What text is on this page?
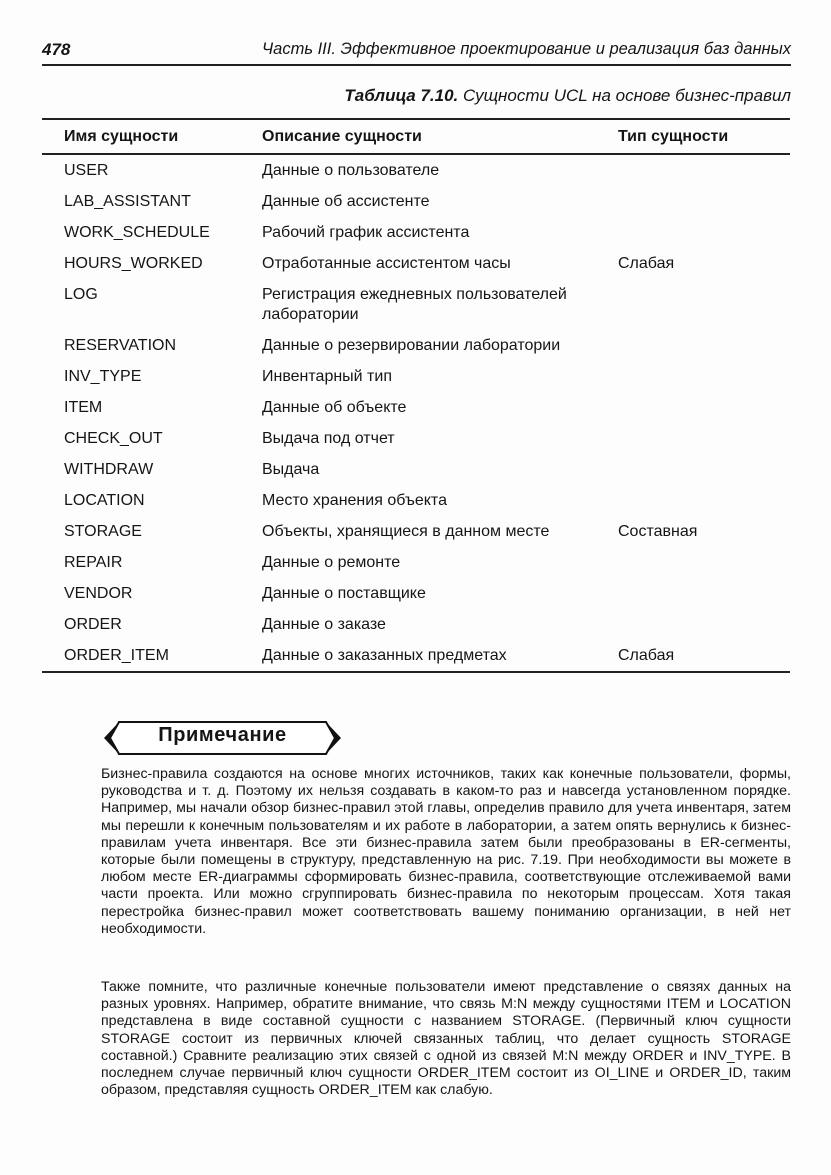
478	Часть III. Эффективное проектирование и реализация баз данных
Таблица 7.10. Сущности UCL на основе бизнес-правил
Имя сущности	Описание сущности	Тип сущности
USER	Данные о пользователе	
LAB_ASSISTANT	Данные об ассистенте	
WORK_SCHEDULE	Рабочий график ассистента	
HOURS_WORKED	Отработанные ассистентом часы	Слабая
LOG	Регистрация ежедневных пользователей лаборатории	
RESERVATION	Данные о резервировании лаборатории	
INV_TYPE	Инвентарный тип	
ITEM	Данные об объекте	
CHECK_OUT	Выдача под отчет	
WITHDRAW	Выдача	
LOCATION	Место хранения объекта	
STORAGE	Объекты, хранящиеся в данном месте	Составная
REPAIR	Данные о ремонте	
VENDOR	Данные о поставщике	
ORDER	Данные о заказе	
ORDER_ITEM	Данные о заказанных предметах	Слабая
Примечание

Бизнес-правила создаются на основе многих источников, таких как конечные пользователи, формы, руководства и т. д. Поэтому их нельзя создавать в каком-то раз и навсегда установленном порядке. Например, мы начали обзор бизнес-правил этой главы, определив правило для учета инвентаря, затем мы перешли к конечным пользователям и их работе в лаборатории, а затем опять вернулись к бизнес-правилам учета инвентаря. Все эти бизнес-правила затем были преобразованы в ER-сегменты, которые были помещены в структуру, представленную на рис. 7.19. При необходимости вы можете в любом месте ER-диаграммы сформировать бизнес-правила, соответствующие отслеживаемой вами части проекта. Или можно сгруппировать бизнес-правила по некоторым процессам. Хотя такая перестройка бизнес-правил может соответствовать вашему пониманию организации, в ней нет необходимости.

Также помните, что различные конечные пользователи имеют представление о связях данных на разных уровнях. Например, обратите внимание, что связь M:N между сущностями ITEM и LOCATION представлена в виде составной сущности с названием STORAGE. (Первичный ключ сущности STORAGE состоит из первичных ключей связанных таблиц, что делает сущность STORAGE составной.) Сравните реализацию этих связей с одной из связей M:N между ORDER и INV_TYPE. В последнем случае первичный ключ сущности ORDER_ITEM состоит из OI_LINE и ORDER_ID, таким образом, представляя сущность ORDER_ITEM как слабую.
